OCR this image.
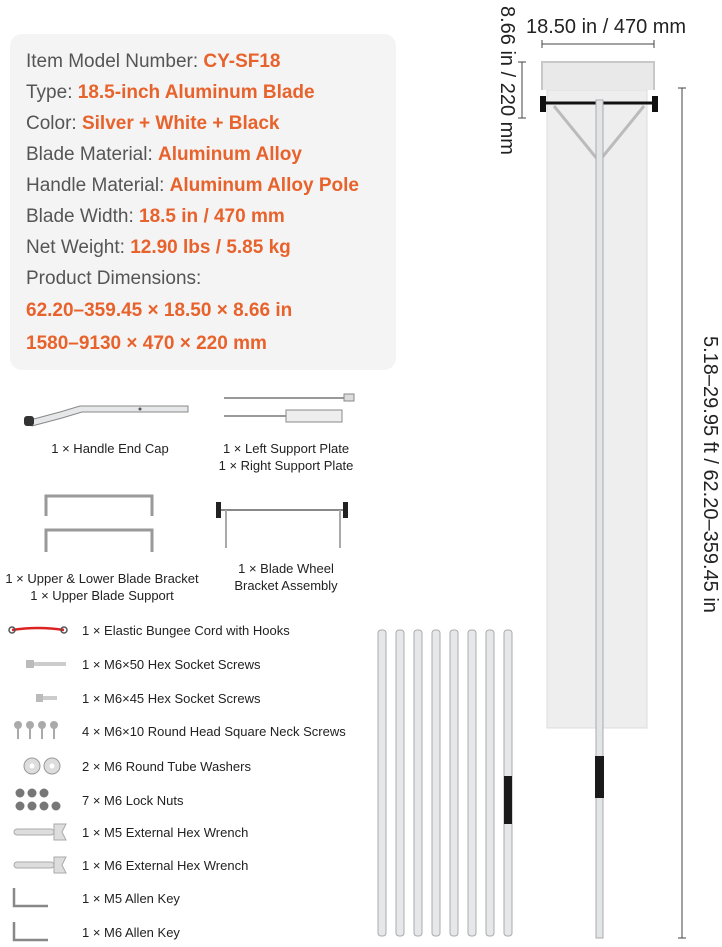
Item Model Number: CY-SF18
Type: 18.5-inch Aluminum Blade
Color: Silver + White + Black
Blade Material: Aluminum Alloy
Handle Material: Aluminum Alloy Pole
Blade Width: 18.5 in / 470 mm
Net Weight: 12.90 lbs / 5.85 kg
Product Dimensions:
62.20–359.45 × 18.50 × 8.66 in
1580–9130 × 470 × 220 mm
1 × Handle End Cap	1 × Left Support Plate
1 × Right Support Plate
1 × Upper & Lower Blade Bracket
1 × Upper Blade Support
1 × Blade Wheel
Bracket Assembly
1 × Elastic Bungee Cord with Hooks
1 × M6×50 Hex Socket Screws
1 × M6×45 Hex Socket Screws
4 × M6×10 Round Head Square Neck Screws
2 × M6 Round Tube Washers
7 × M6 Lock Nuts
1 × M5 External Hex Wrench
1 × M6 External Hex Wrench
1 × M5 Allen Key
1 × M6 Allen Key
18.50 in / 470 mm
8.66 in / 220 mm
5.18–29.95 ft / 62.20–359.45 in
